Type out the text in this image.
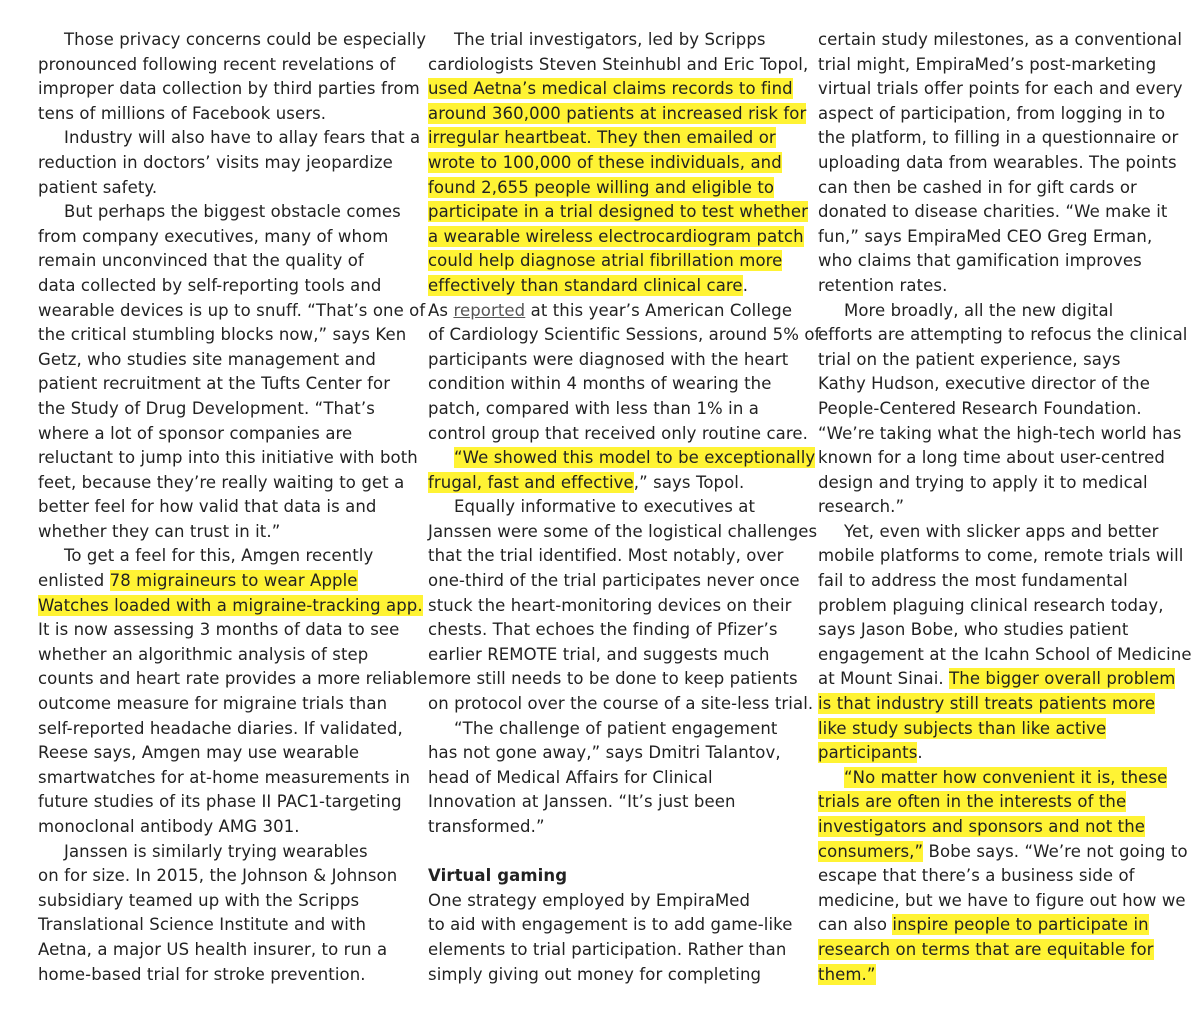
Those privacy concerns could be especially
pronounced following recent revelations of
improper data collection by third parties from
tens of millions of Facebook users.
Industry will also have to allay fears that a
reduction in doctors’ visits may jeopardize
patient safety.
But perhaps the biggest obstacle comes
from company executives, many of whom
remain unconvinced that the quality of
data collected by self-reporting tools and
wearable devices is up to snuff. “That’s one of
the critical stumbling blocks now,” says Ken
Getz, who studies site management and
patient recruitment at the Tufts Center for
the Study of Drug Development. “That’s
where a lot of sponsor companies are
reluctant to jump into this initiative with both
feet, because they’re really waiting to get a
better feel for how valid that data is and
whether they can trust in it.”
To get a feel for this, Amgen recently
enlisted 78 migraineurs to wear Apple
Watches loaded with a migraine-tracking app.
It is now assessing 3 months of data to see
whether an algorithmic analysis of step
counts and heart rate provides a more reliable
outcome measure for migraine trials than
self-reported headache diaries. If validated,
Reese says, Amgen may use wearable
smartwatches for at-home measurements in
future studies of its phase II PAC1-targeting
monoclonal antibody AMG 301.
Janssen is similarly trying wearables
on for size. In 2015, the Johnson & Johnson
subsidiary teamed up with the Scripps
Translational Science Institute and with
Aetna, a major US health insurer, to run a
home-based trial for stroke prevention.
The trial investigators, led by Scripps
cardiologists Steven Steinhubl and Eric Topol,
used Aetna’s medical claims records to find
around 360,000 patients at increased risk for
irregular heartbeat. They then emailed or
wrote to 100,000 of these individuals, and
found 2,655 people willing and eligible to
participate in a trial designed to test whether
a wearable wireless electrocardiogram patch
could help diagnose atrial fibrillation more
effectively than standard clinical care.
As reported at this year’s American College
of Cardiology Scientific Sessions, around 5% of
participants were diagnosed with the heart
condition within 4 months of wearing the
patch, compared with less than 1% in a
control group that received only routine care.
“We showed this model to be exceptionally
frugal, fast and effective,” says Topol.
Equally informative to executives at
Janssen were some of the logistical challenges
that the trial identified. Most notably, over
one-third of the trial participates never once
stuck the heart-monitoring devices on their
chests. That echoes the finding of Pfizer’s
earlier REMOTE trial, and suggests much
more still needs to be done to keep patients
on protocol over the course of a site-less trial.
“The challenge of patient engagement
has not gone away,” says Dmitri Talantov,
head of Medical Affairs for Clinical
Innovation at Janssen. “It’s just been
transformed.”
Virtual gaming
One strategy employed by EmpiraMed
to aid with engagement is to add game-like
elements to trial participation. Rather than
simply giving out money for completing
certain study milestones, as a conventional
trial might, EmpiraMed’s post-marketing
virtual trials offer points for each and every
aspect of participation, from logging in to
the platform, to filling in a questionnaire or
uploading data from wearables. The points
can then be cashed in for gift cards or
donated to disease charities. “We make it
fun,” says EmpiraMed CEO Greg Erman,
who claims that gamification improves
retention rates.
More broadly, all the new digital
efforts are attempting to refocus the clinical
trial on the patient experience, says
Kathy Hudson, executive director of the
People-Centered Research Foundation.
“We’re taking what the high-tech world has
known for a long time about user-centred
design and trying to apply it to medical
research.”
Yet, even with slicker apps and better
mobile platforms to come, remote trials will
fail to address the most fundamental
problem plaguing clinical research today,
says Jason Bobe, who studies patient
engagement at the Icahn School of Medicine
at Mount Sinai. The bigger overall problem
is that industry still treats patients more
like study subjects than like active
participants.
“No matter how convenient it is, these
trials are often in the interests of the
investigators and sponsors and not the
consumers,” Bobe says. “We’re not going to
escape that there’s a business side of
medicine, but we have to figure out how we
can also inspire people to participate in
research on terms that are equitable for
them.”
